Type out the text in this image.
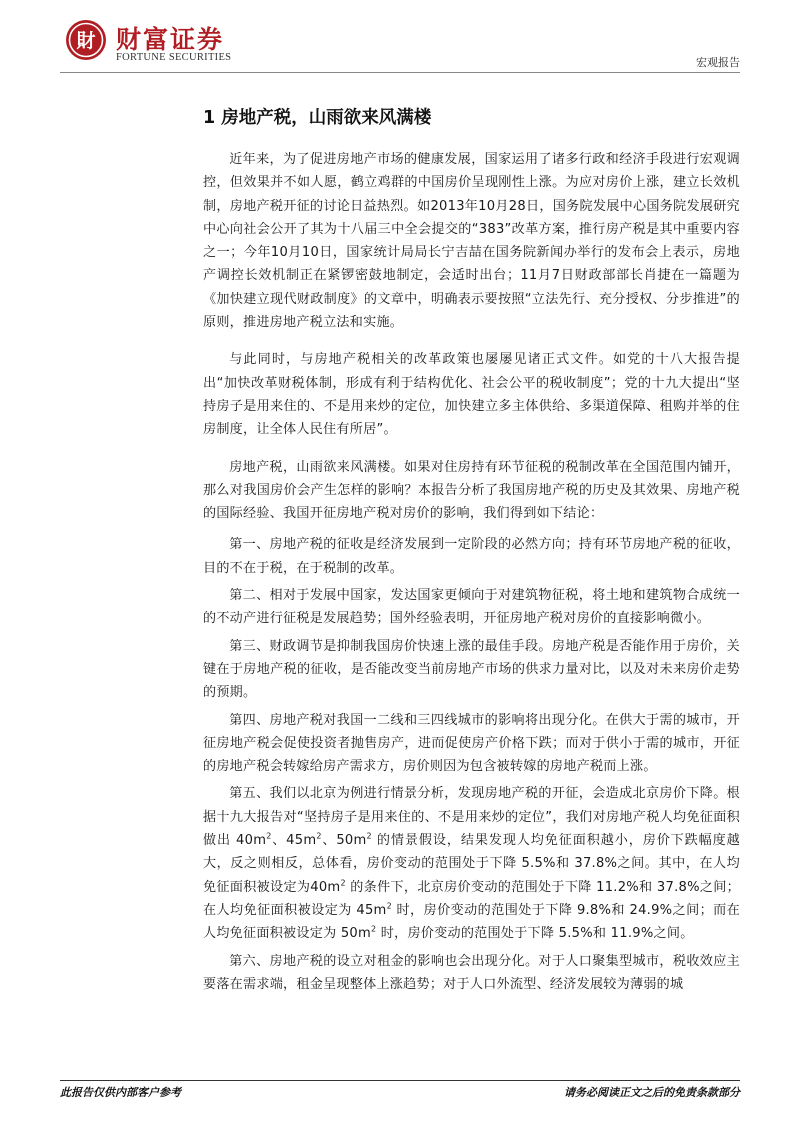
財 财富证券
FORTUNE SECURITIES	宏观报告
1 房地产税，山雨欲来风满楼

近年来，为了促进房地产市场的健康发展，国家运用了诸多行政和经济手段进行宏观调控，但效果并不如人愿，鹤立鸡群的中国房价呈现刚性上涨。为应对房价上涨，建立长效机制，房地产税开征的讨论日益热烈。如2013年10月28日，国务院发展中心国务院发展研究中心向社会公开了其为十八届三中全会提交的“383”改革方案，推行房产税是其中重要内容之一；今年10月10日，国家统计局局长宁吉喆在国务院新闻办举行的发布会上表示，房地产调控长效机制正在紧锣密鼓地制定，会适时出台；11月7日财政部部长肖捷在一篇题为《加快建立现代财政制度》的文章中，明确表示要按照“立法先行、充分授权、分步推进”的原则，推进房地产税立法和实施。

与此同时，与房地产税相关的改革政策也屡屡见诸正式文件。如党的十八大报告提出“加快改革财税体制，形成有利于结构优化、社会公平的税收制度”；党的十九大提出“坚持房子是用来住的、不是用来炒的定位，加快建立多主体供给、多渠道保障、租购并举的住房制度，让全体人民住有所居”。

房地产税，山雨欲来风满楼。如果对住房持有环节征税的税制改革在全国范围内铺开，那么对我国房价会产生怎样的影响？本报告分析了我国房地产税的历史及其效果、房地产税的国际经验、我国开征房地产税对房价的影响，我们得到如下结论：

第一、房地产税的征收是经济发展到一定阶段的必然方向；持有环节房地产税的征收，目的不在于税，在于税制的改革。

第二、相对于发展中国家，发达国家更倾向于对建筑物征税，将土地和建筑物合成统一的不动产进行征税是发展趋势；国外经验表明，开征房地产税对房价的直接影响微小。

第三、财政调节是抑制我国房价快速上涨的最佳手段。房地产税是否能作用于房价，关键在于房地产税的征收，是否能改变当前房地产市场的供求力量对比，以及对未来房价走势的预期。

第四、房地产税对我国一二线和三四线城市的影响将出现分化。在供大于需的城市，开征房地产税会促使投资者抛售房产，进而促使房产价格下跌；而对于供小于需的城市，开征的房地产税会转嫁给房产需求方，房价则因为包含被转嫁的房地产税而上涨。

第五、我们以北京为例进行情景分析，发现房地产税的开征，会造成北京房价下降。根据十九大报告对“坚持房子是用来住的、不是用来炒的定位”，我们对房地产税人均免征面积做出 $40m^2$、$45m^2$、$50m^2$ 的情景假设，结果发现人均免征面积越小，房价下跌幅度越大，反之则相反，总体看，房价变动的范围处于下降 5.5%和 37.8%之间。其中，在人均免征面积被设定为$40m^2$ 的条件下，北京房价变动的范围处于下降 11.2%和 37.8%之间；在人均免征面积被设定为 $45m^2$ 时，房价变动的范围处于下降 9.8%和 24.9%之间；而在人均免征面积被设定为 $50m^2$ 时，房价变动的范围处于下降 5.5%和 11.9%之间。

第六、房地产税的设立对租金的影响也会出现分化。对于人口聚集型城市，税收效应主要落在需求端，租金呈现整体上涨趋势；对于人口外流型、经济发展较为薄弱的城

此报告仅供内部客户参考	请务必阅读正文之后的免责条款部分
